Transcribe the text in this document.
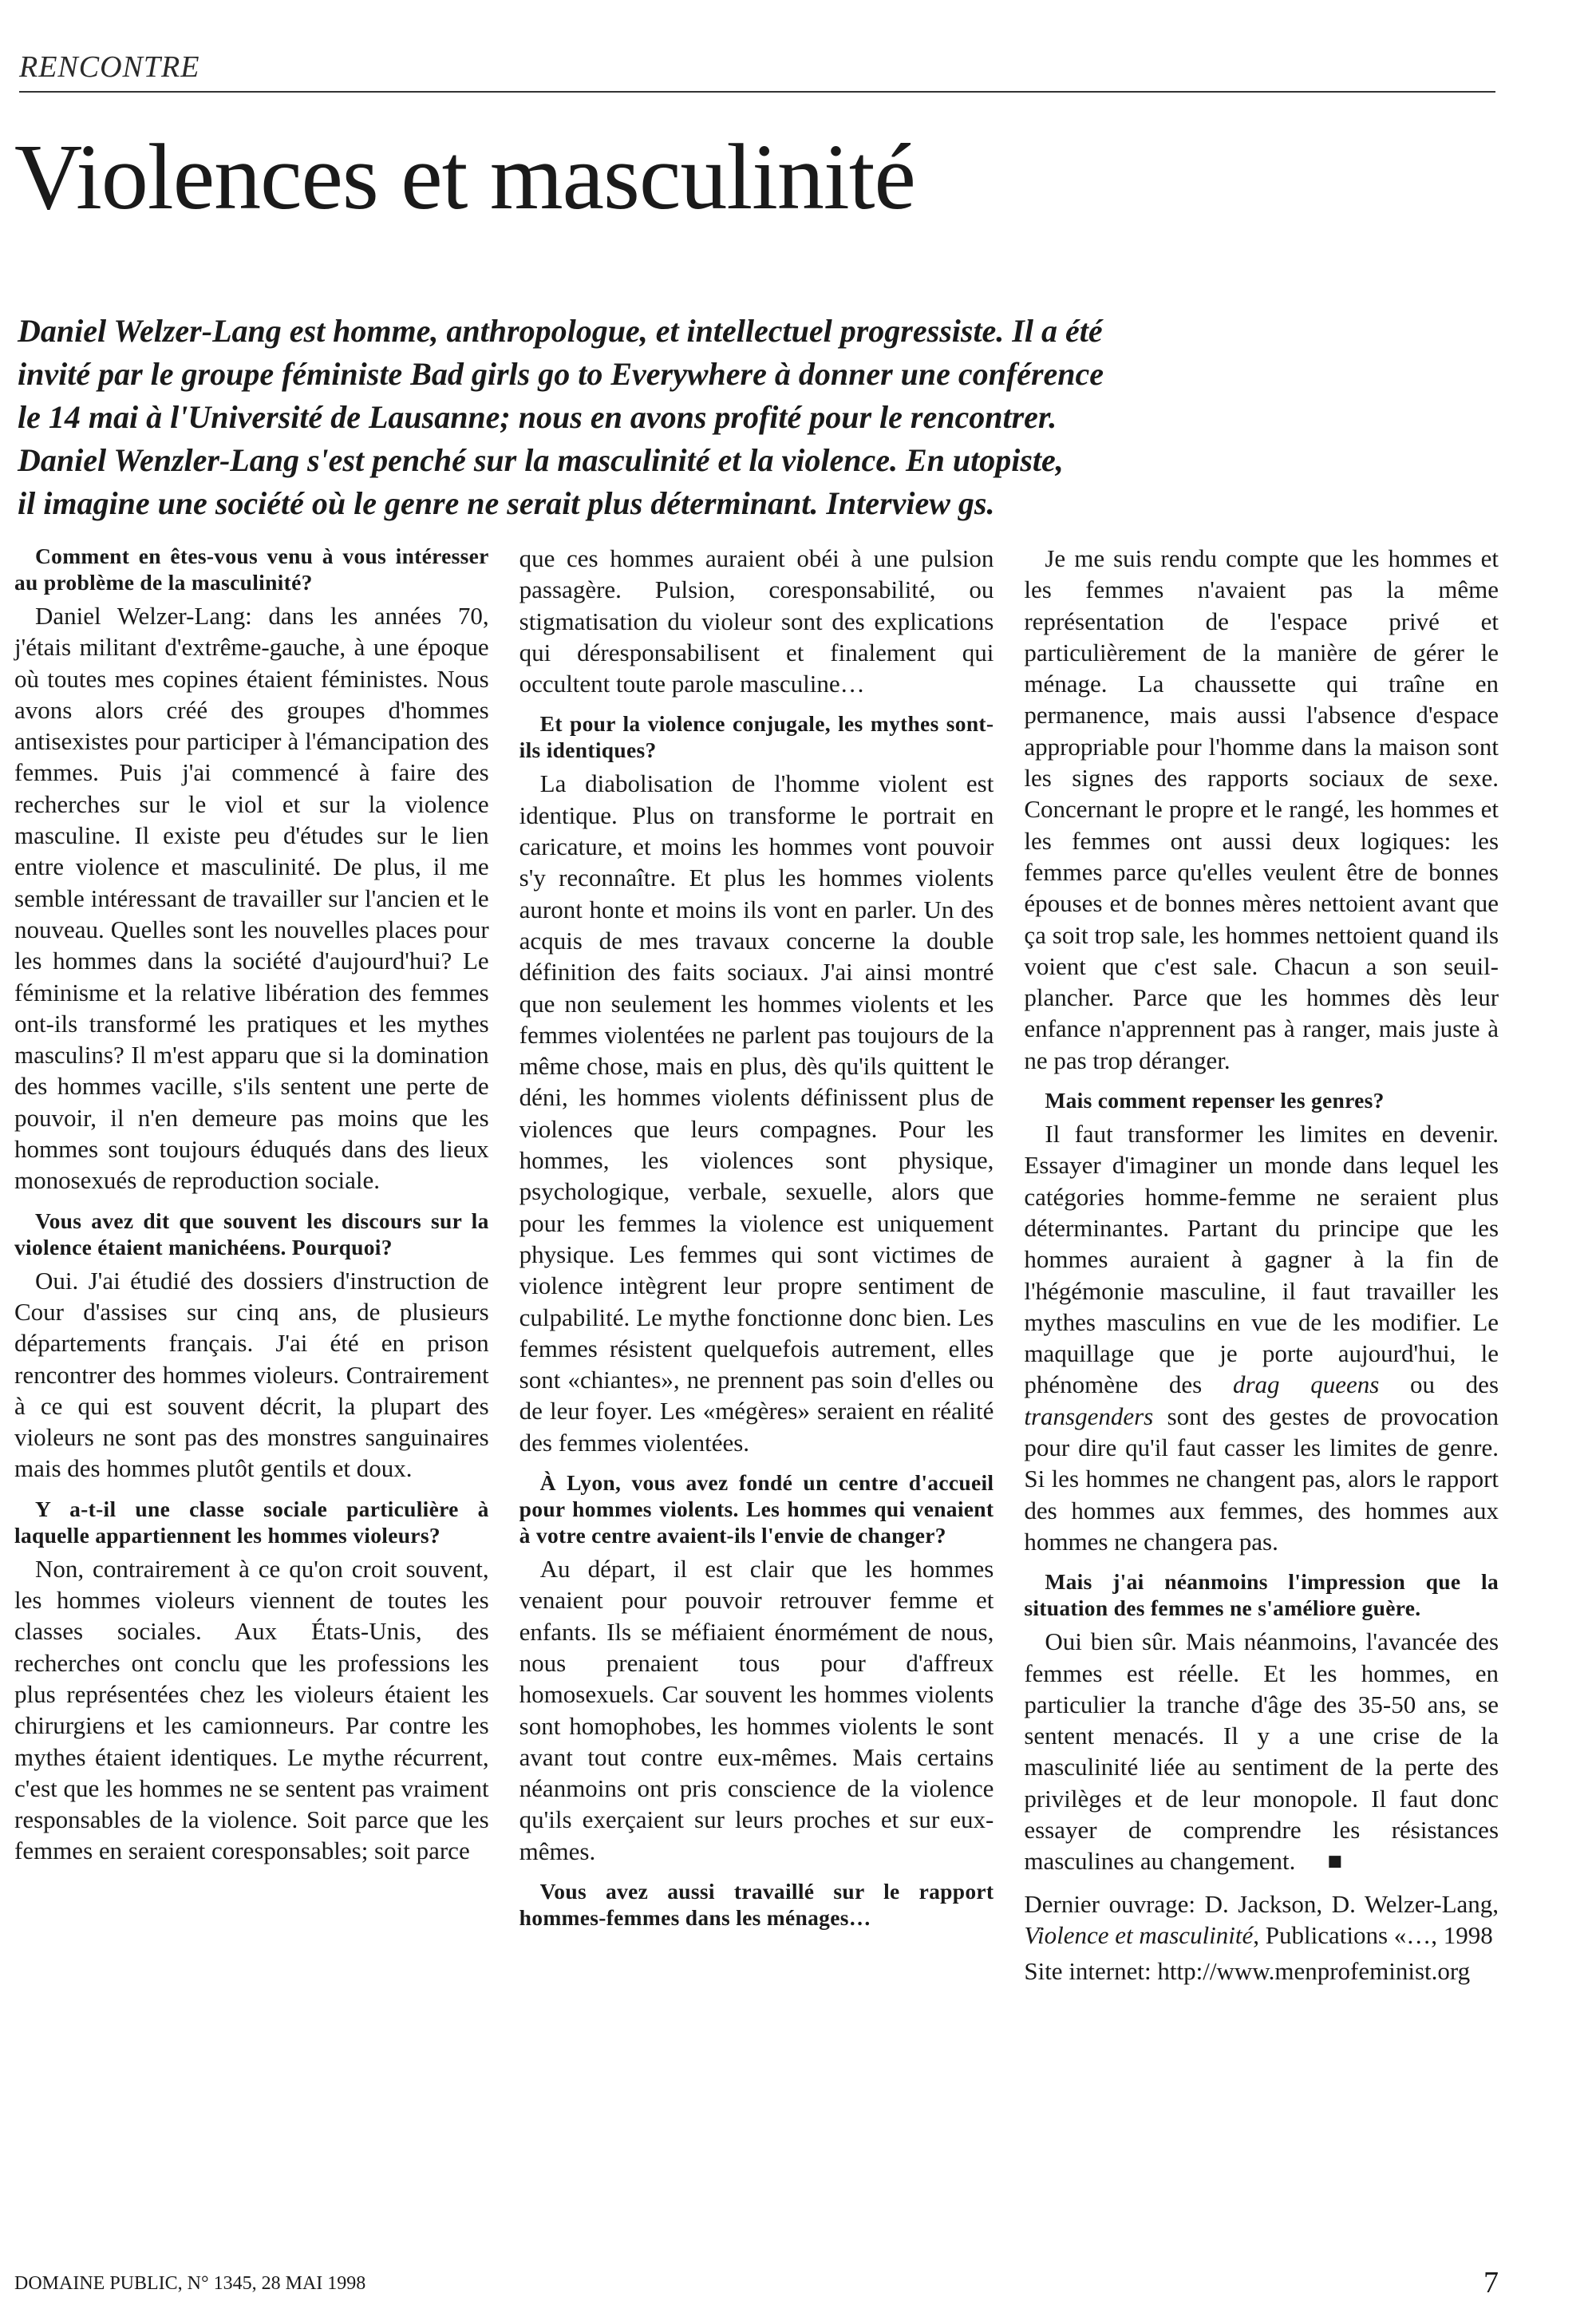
RENCONTRE
Violences et masculinité
Daniel Welzer-Lang est homme, anthropologue, et intellectuel progressiste. Il a été
invité par le groupe féministe Bad girls go to Everywhere à donner une conférence
le 14 mai à l'Université de Lausanne; nous en avons profité pour le rencontrer.
Daniel Wenzler-Lang s'est penché sur la masculinité et la violence. En utopiste,
il imagine une société où le genre ne serait plus déterminant. Interview gs.
Comment en êtes-vous venu à vous intéresser au problème de la masculinité?

Daniel Welzer-Lang: dans les années 70, j'étais militant d'extrême-gauche, à une époque où toutes mes copines étaient féministes. Nous avons alors créé des groupes d'hommes antisexistes pour participer à l'émancipation des femmes. Puis j'ai commencé à faire des recherches sur le viol et sur la violence masculine. Il existe peu d'études sur le lien entre violence et masculinité. De plus, il me semble intéressant de travailler sur l'ancien et le nouveau. Quelles sont les nouvelles places pour les hommes dans la société d'aujourd'hui? Le féminisme et la relative libération des femmes ont-ils transformé les pratiques et les mythes masculins? Il m'est apparu que si la domination des hommes vacille, s'ils sentent une perte de pouvoir, il n'en demeure pas moins que les hommes sont toujours éduqués dans des lieux monosexués de reproduction sociale.

Vous avez dit que souvent les discours sur la violence étaient manichéens. Pourquoi?

Oui. J'ai étudié des dossiers d'instruction de Cour d'assises sur cinq ans, de plusieurs départements français. J'ai été en prison rencontrer des hommes violeurs. Contrairement à ce qui est souvent décrit, la plupart des violeurs ne sont pas des monstres sanguinaires mais des hommes plutôt gentils et doux.

Y a-t-il une classe sociale particulière à laquelle appartiennent les hommes violeurs?

Non, contrairement à ce qu'on croit souvent, les hommes violeurs viennent de toutes les classes sociales. Aux États-Unis, des recherches ont conclu que les professions les plus représentées chez les violeurs étaient les chirurgiens et les camionneurs. Par contre les mythes étaient identiques. Le mythe récurrent, c'est que les hommes ne se sentent pas vraiment responsables de la violence. Soit parce que les femmes en seraient coresponsables; soit parce

que ces hommes auraient obéi à une pulsion passagère. Pulsion, coresponsabilité, ou stigmatisation du violeur sont des explications qui déresponsabilisent et finalement qui occultent toute parole masculine…

Et pour la violence conjugale, les mythes sont-ils identiques?

La diabolisation de l'homme violent est identique. Plus on transforme le portrait en caricature, et moins les hommes vont pouvoir s'y reconnaître. Et plus les hommes violents auront honte et moins ils vont en parler. Un des acquis de mes travaux concerne la double définition des faits sociaux. J'ai ainsi montré que non seulement les hommes violents et les femmes violentées ne parlent pas toujours de la même chose, mais en plus, dès qu'ils quittent le déni, les hommes violents définissent plus de violences que leurs compagnes. Pour les hommes, les violences sont physique, psychologique, verbale, sexuelle, alors que pour les femmes la violence est uniquement physique. Les femmes qui sont victimes de violence intègrent leur propre sentiment de culpabilité. Le mythe fonctionne donc bien. Les femmes résistent quelquefois autrement, elles sont «chiantes», ne prennent pas soin d'elles ou de leur foyer. Les «mégères» seraient en réalité des femmes violentées.

À Lyon, vous avez fondé un centre d'accueil pour hommes violents. Les hommes qui venaient à votre centre avaient-ils l'envie de changer?

Au départ, il est clair que les hommes venaient pour pouvoir retrouver femme et enfants. Ils se méfiaient énormément de nous, nous prenaient tous pour d'affreux homosexuels. Car souvent les hommes violents sont homophobes, les hommes violents le sont avant tout contre eux-mêmes. Mais certains néanmoins ont pris conscience de la violence qu'ils exerçaient sur leurs proches et sur eux-mêmes.

Vous avez aussi travaillé sur le rapport hommes-femmes dans les ménages…

Je me suis rendu compte que les hommes et les femmes n'avaient pas la même représentation de l'espace privé et particulièrement de la manière de gérer le ménage. La chaussette qui traîne en permanence, mais aussi l'absence d'espace appropriable pour l'homme dans la maison sont les signes des rapports sociaux de sexe. Concernant le propre et le rangé, les hommes et les femmes ont aussi deux logiques: les femmes parce qu'elles veulent être de bonnes épouses et de bonnes mères nettoient avant que ça soit trop sale, les hommes nettoient quand ils voient que c'est sale. Chacun a son seuil-plancher. Parce que les hommes dès leur enfance n'apprennent pas à ranger, mais juste à ne pas trop déranger.

Mais comment repenser les genres?

Il faut transformer les limites en devenir. Essayer d'imaginer un monde dans lequel les catégories homme-femme ne seraient plus déterminantes. Partant du principe que les hommes auraient à gagner à la fin de l'hégémonie masculine, il faut travailler les mythes masculins en vue de les modifier. Le maquillage que je porte aujourd'hui, le phénomène des drag queens ou des transgenders sont des gestes de provocation pour dire qu'il faut casser les limites de genre. Si les hommes ne changent pas, alors le rapport des hommes aux femmes, des hommes aux hommes ne changera pas.

Mais j'ai néanmoins l'impression que la situation des femmes ne s'améliore guère.

Oui bien sûr. Mais néanmoins, l'avancée des femmes est réelle. Et les hommes, en particulier la tranche d'âge des 35-50 ans, se sentent menacés. Il y a une crise de la masculinité liée au sentiment de la perte des privilèges et de leur monopole. Il faut donc essayer de comprendre les résistances masculines au changement. ■

Dernier ouvrage: D. Jackson, D. Welzer-Lang, Violence et masculinité, Publications «…, 1998

Site internet: http://www.menprofeminist.org

DOMAINE PUBLIC, N° 1345, 28 MAI 1998	7
